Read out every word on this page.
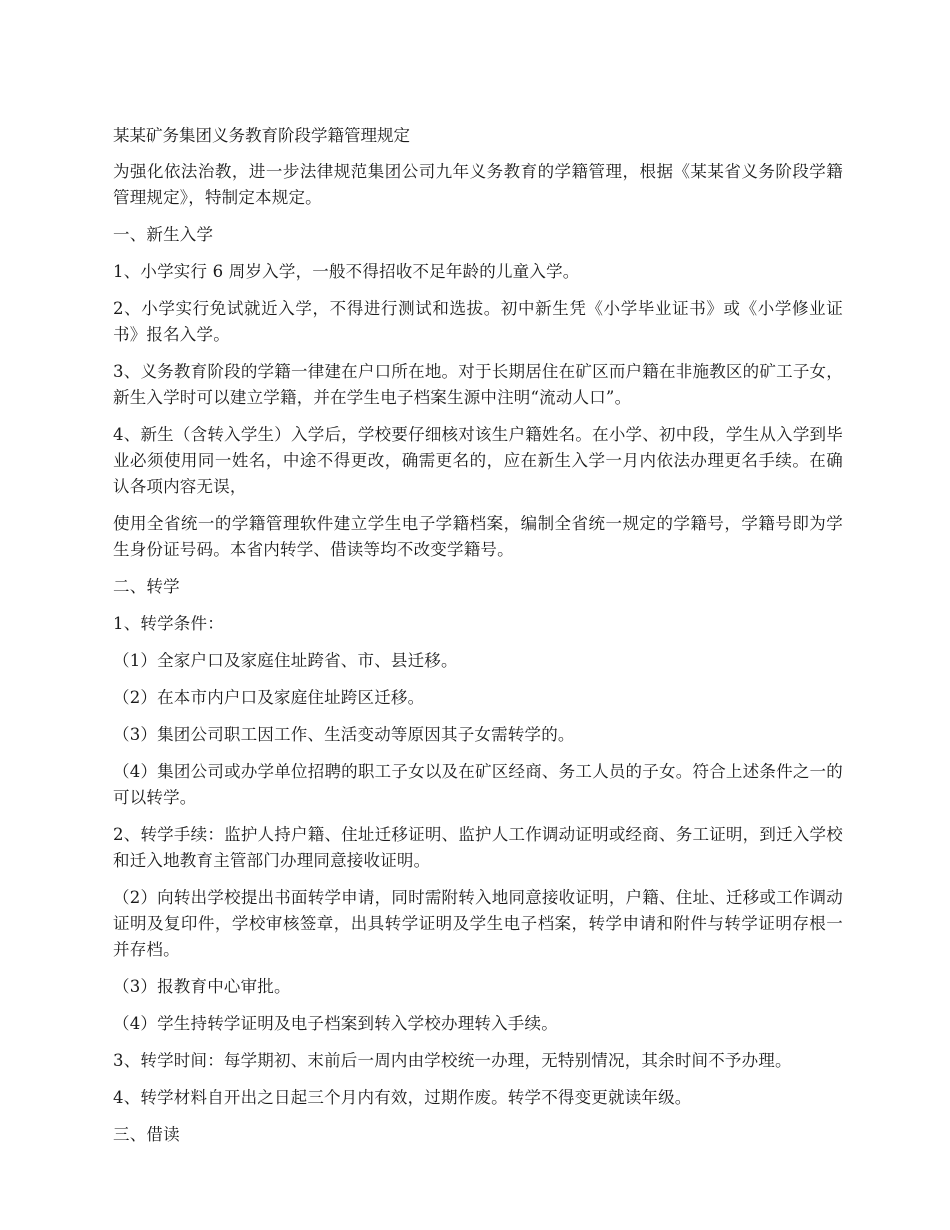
某某矿务集团义务教育阶段学籍管理规定

为强化依法治教，进一步法律规范集团公司九年义务教育的学籍管理，根据《某某省义务阶段学籍管理规定》，特制定本规定。

一、新生入学

1、小学实行 6 周岁入学，一般不得招收不足年龄的儿童入学。

2、小学实行免试就近入学，不得进行测试和选拔。初中新生凭《小学毕业证书》或《小学修业证书》报名入学。

3、义务教育阶段的学籍一律建在户口所在地。对于长期居住在矿区而户籍在非施教区的矿工子女，新生入学时可以建立学籍，并在学生电子档案生源中注明“流动人口”。

4、新生（含转入学生）入学后，学校要仔细核对该生户籍姓名。在小学、初中段，学生从入学到毕业必须使用同一姓名，中途不得更改，确需更名的，应在新生入学一月内依法办理更名手续。在确认各项内容无误，

使用全省统一的学籍管理软件建立学生电子学籍档案，编制全省统一规定的学籍号，学籍号即为学生身份证号码。本省内转学、借读等均不改变学籍号。

二、转学

1、转学条件：

（1）全家户口及家庭住址跨省、市、县迁移。

（2）在本市内户口及家庭住址跨区迁移。

（3）集团公司职工因工作、生活变动等原因其子女需转学的。

（4）集团公司或办学单位招聘的职工子女以及在矿区经商、务工人员的子女。符合上述条件之一的可以转学。

2、转学手续：监护人持户籍、住址迁移证明、监护人工作调动证明或经商、务工证明，到迁入学校和迁入地教育主管部门办理同意接收证明。

（2）向转出学校提出书面转学申请，同时需附转入地同意接收证明，户籍、住址、迁移或工作调动证明及复印件，学校审核签章，出具转学证明及学生电子档案，转学申请和附件与转学证明存根一并存档。

（3）报教育中心审批。

（4）学生持转学证明及电子档案到转入学校办理转入手续。

3、转学时间：每学期初、末前后一周内由学校统一办理，无特别情况，其余时间不予办理。

4、转学材料自开出之日起三个月内有效，过期作废。转学不得变更就读年级。

三、借读
